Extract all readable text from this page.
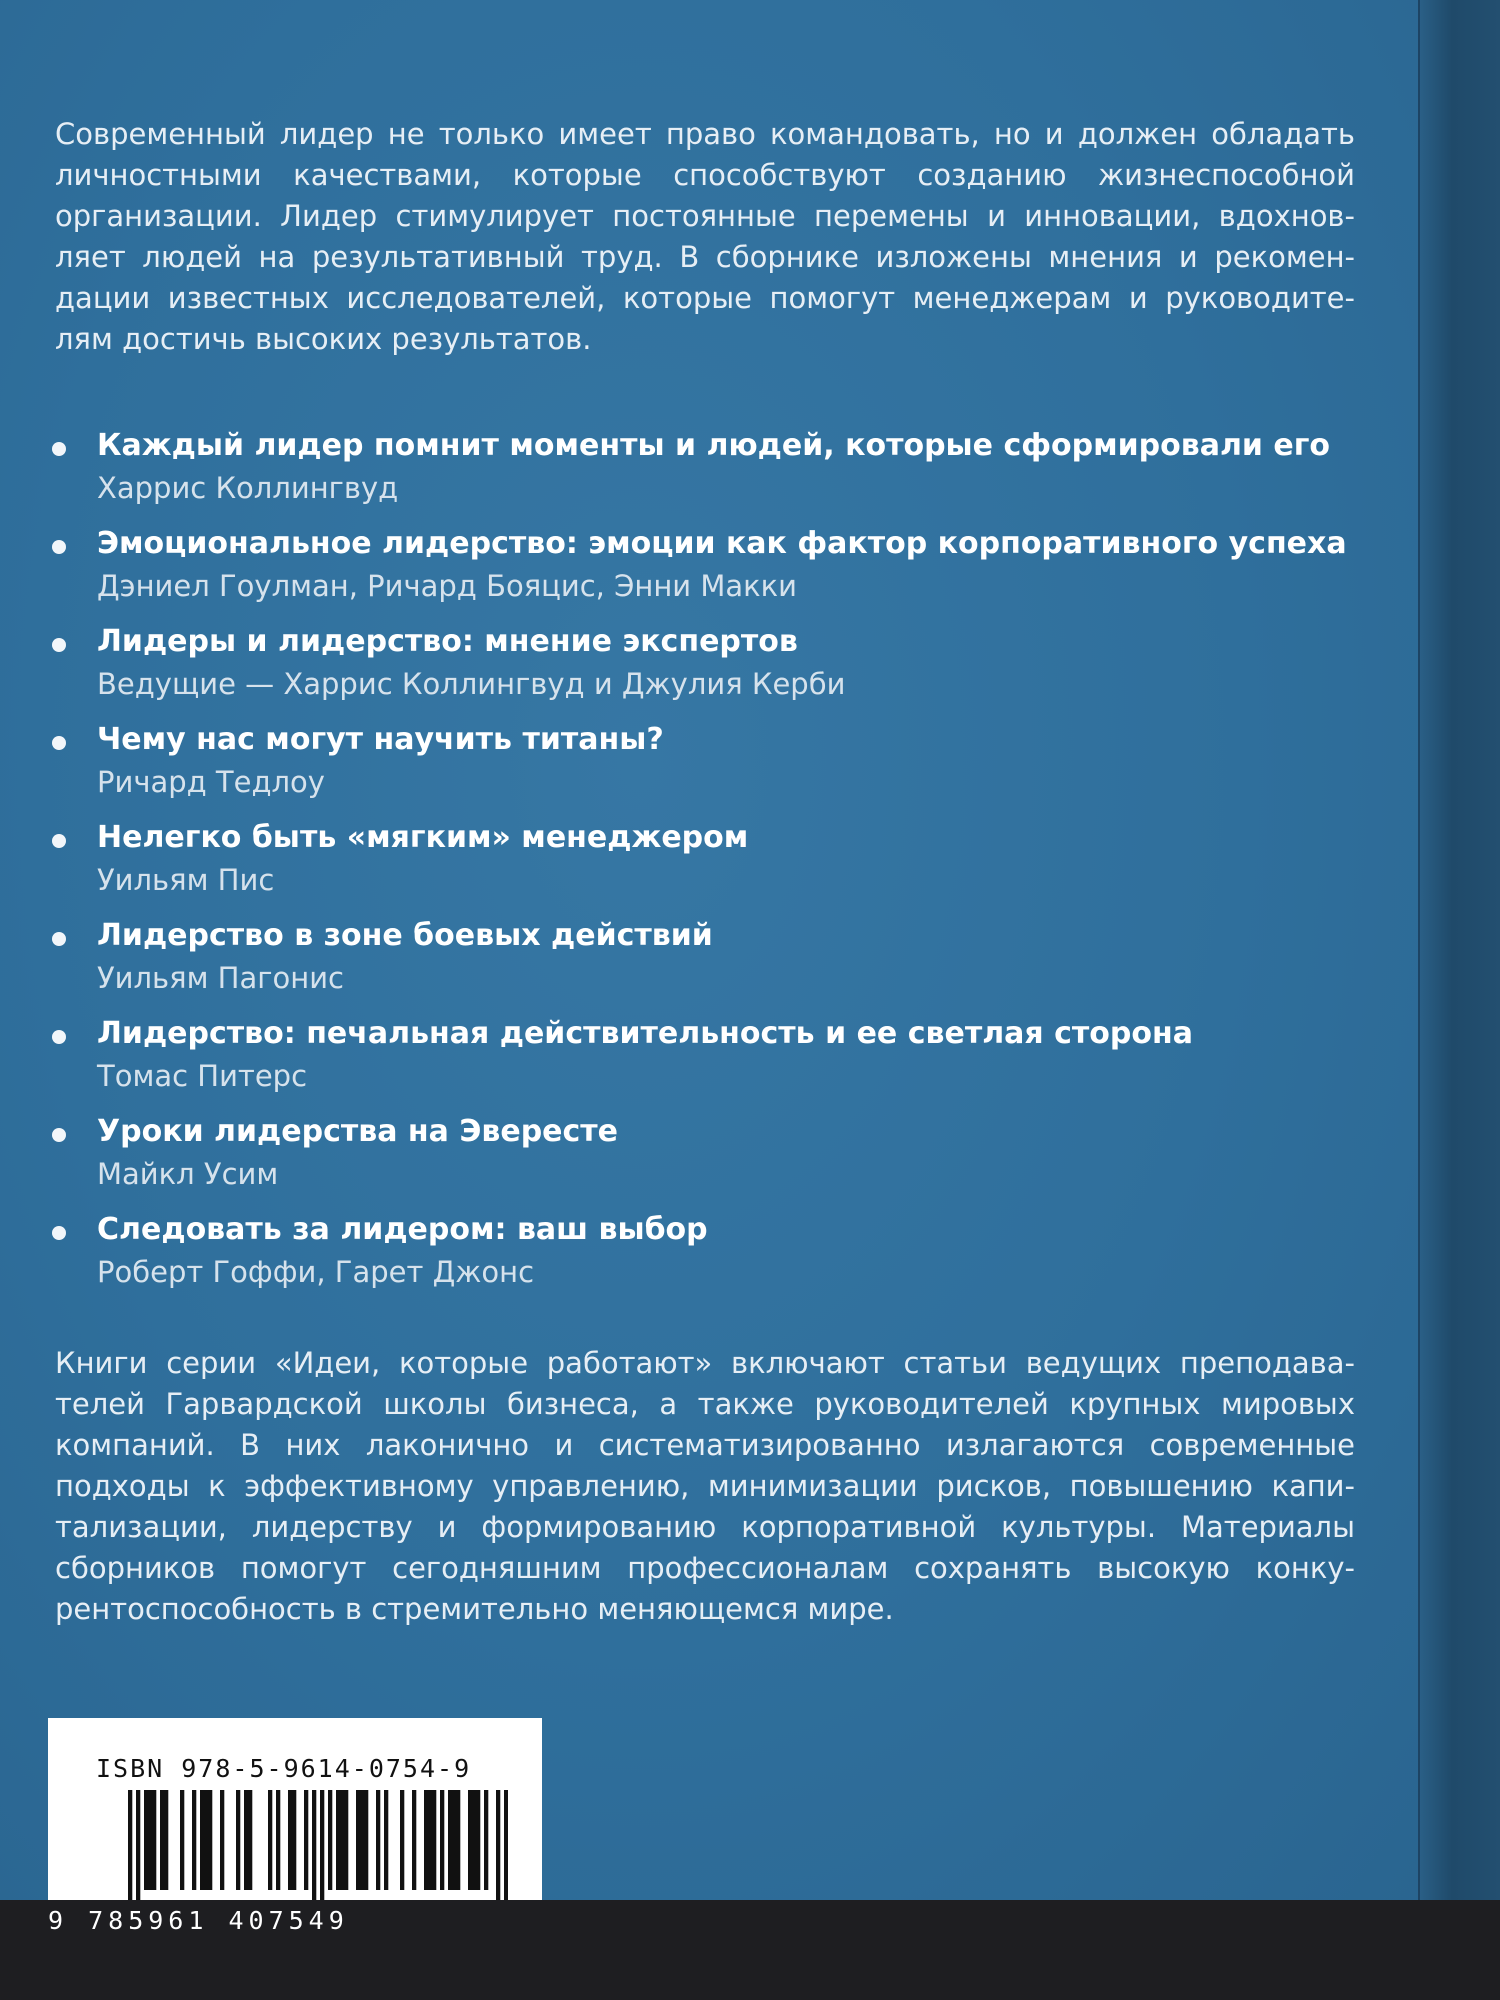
Современный лидер не только имеет право командовать, но и должен обладать
личностными качествами, которые способствуют созданию жизнеспособной
организации. Лидер стимулирует постоянные перемены и инновации, вдохнов-
ляет людей на результативный труд. В сборнике изложены мнения и рекомен-
дации известных исследователей, которые помогут менеджерам и руководите-
лям достичь высоких результатов.
Каждый лидер помнит моменты и людей, которые сформировали его
Харрис Коллингвуд
Эмоциональное лидерство: эмоции как фактор корпоративного успеха
Дэниел Гоулман, Ричард Бояцис, Энни Макки
Лидеры и лидерство: мнение экспертов
Ведущие — Харрис Коллингвуд и Джулия Керби
Чему нас могут научить титаны?
Ричард Тедлоу
Нелегко быть «мягким» менеджером
Уильям Пис
Лидерство в зоне боевых действий
Уильям Пагонис
Лидерство: печальная действительность и ее светлая сторона
Томас Питерс
Уроки лидерства на Эвересте
Майкл Усим
Следовать за лидером: ваш выбор
Роберт Гоффи, Гарет Джонс
Книги серии «Идеи, которые работают» включают статьи ведущих преподава-
телей Гарвардской школы бизнеса, а также руководителей крупных мировых
компаний. В них лаконично и систематизированно излагаются современные
подходы к эффективному управлению, минимизации рисков, повышению капи-
тализации, лидерству и формированию корпоративной культуры. Материалы
сборников помогут сегодняшним профессионалам сохранять высокую конку-
рентоспособность в стремительно меняющемся мире.
ISBN 978-5-9614-0754-9
9 785961 407549
